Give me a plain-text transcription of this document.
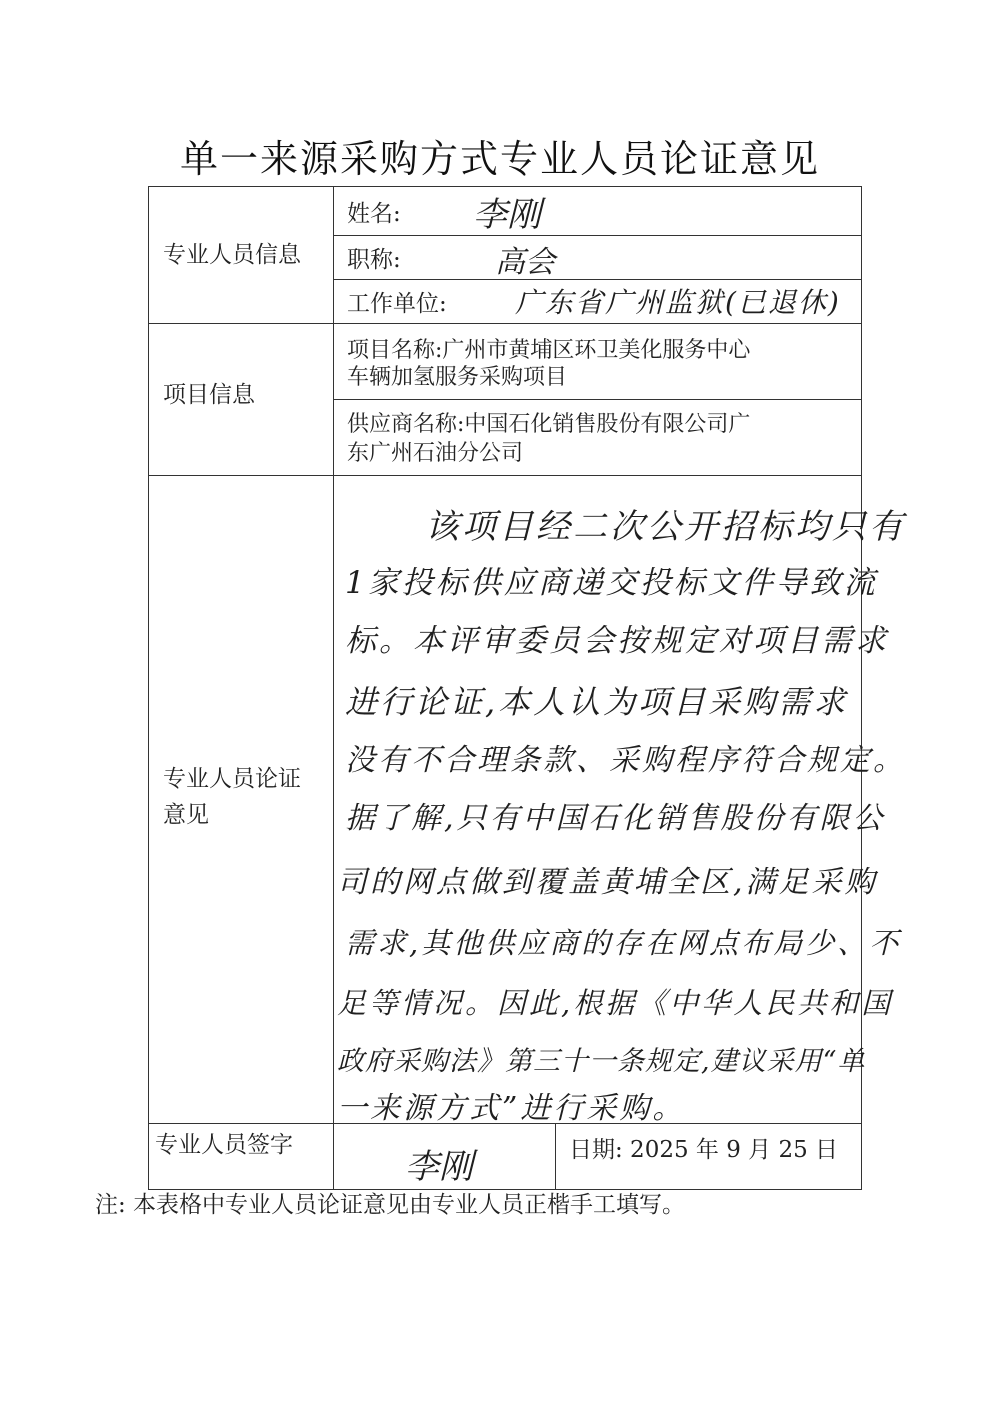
单一来源采购方式专业人员论证意见
专业人员信息
姓名: 李刚
职称:	高会
工作单位: 广东省广州监狱(已退休)
项目信息
项目名称:广州市黄埔区环卫美化服务中心
车辆加氢服务采购项目
供应商名称:中国石化销售股份有限公司广
东广州石油分公司
专业人员论证
意见
该项目经二次公开招标均只有
1家投标供应商递交投标文件导致流
标。本评审委员会按规定对项目需求
进行论证,本人认为项目采购需求
没有不合理条款、采购程序符合规定。
据了解,只有中国石化销售股份有限公
司的网点做到覆盖黄埔全区,满足采购
需求,其他供应商的存在网点布局少、不
足等情况。因此,根据《中华人民共和国
政府采购法》第三十一条规定,建议采用“单
一来源方式”进行采购。
专业人员签字
李刚	日期: 2025 年 9 月 25 日
注: 本表格中专业人员论证意见由专业人员正楷手工填写。
